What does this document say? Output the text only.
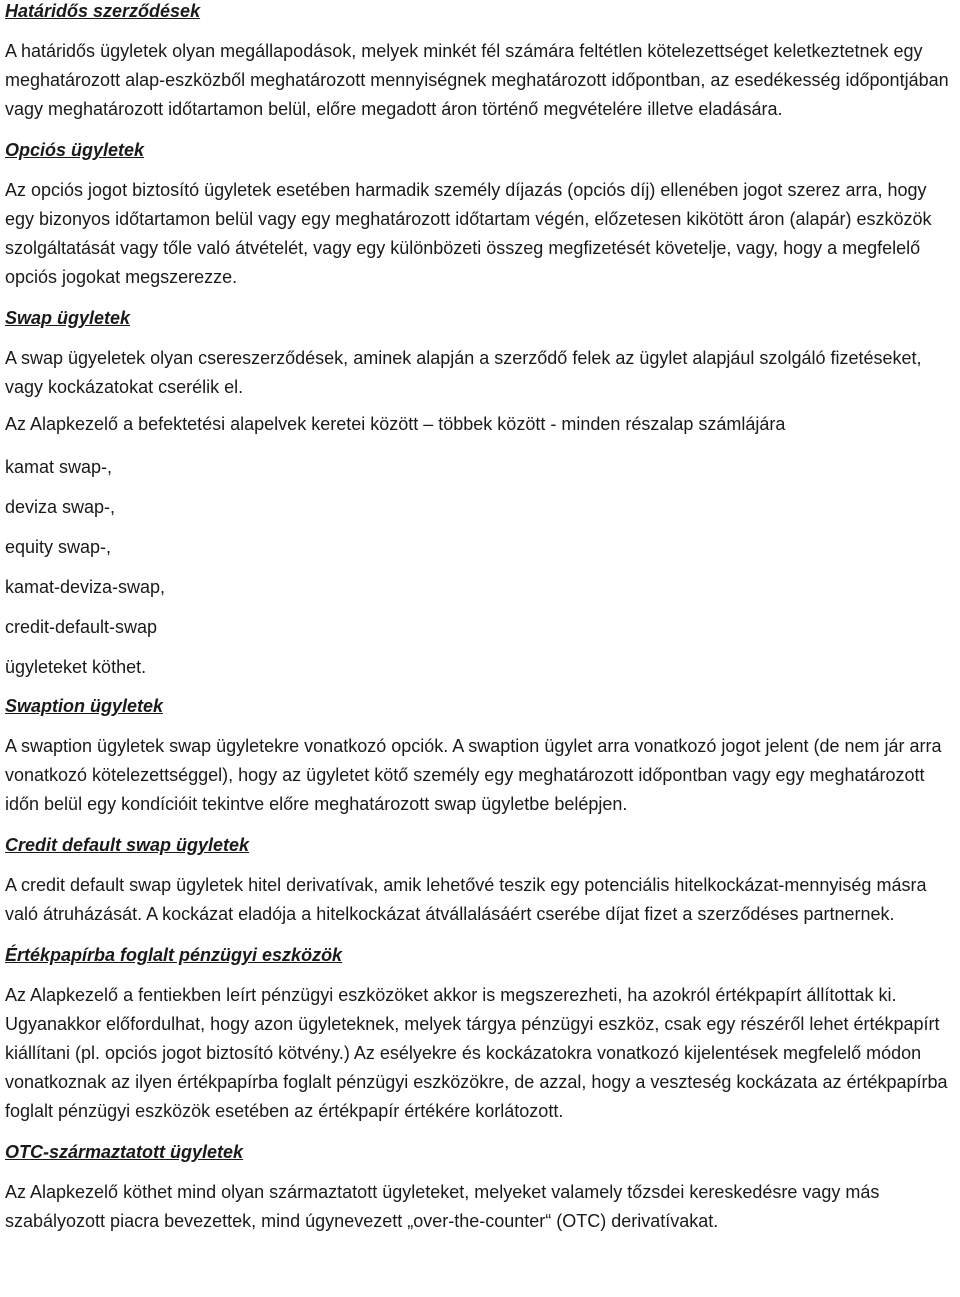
Határidős szerződések

A határidős ügyletek olyan megállapodások, melyek minkét fél számára feltétlen kötelezettséget keletkeztetnek egy meghatározott alap-eszközből meghatározott mennyiségnek meghatározott időpontban, az esedékesség időpontjában vagy meghatározott időtartamon belül, előre megadott áron történő megvételére illetve eladására.

Opciós ügyletek

Az opciós jogot biztosító ügyletek esetében harmadik személy díjazás (opciós díj) ellenében jogot szerez arra, hogy egy bizonyos időtartamon belül vagy egy meghatározott időtartam végén, előzetesen kikötött áron (alapár) eszközök szolgáltatását vagy tőle való átvételét, vagy egy különbözeti összeg megfizetését követelje, vagy, hogy a megfelelő opciós jogokat megszerezze.

Swap ügyletek

A swap ügyeletek olyan csereszerződések, aminek alapján a szerződő felek az ügylet alapjául szolgáló fizetéseket, vagy kockázatokat cserélik el.

Az Alapkezelő a befektetési alapelvek keretei között – többek között - minden részalap számlájára

kamat swap-,

deviza swap-,

equity swap-,

kamat-deviza-swap,

credit-default-swap

ügyleteket köthet.

Swaption ügyletek

A swaption ügyletek swap ügyletekre vonatkozó opciók. A swaption ügylet arra vonatkozó jogot jelent (de nem jár arra vonatkozó kötelezettséggel), hogy az ügyletet kötő személy egy meghatározott időpontban vagy egy meghatározott időn belül egy kondícióit tekintve előre meghatározott swap ügyletbe belépjen.

Credit default swap ügyletek

A credit default swap ügyletek hitel derivatívak, amik lehetővé teszik egy potenciális hitelkockázat-mennyiség másra való átruházását. A kockázat eladója a hitelkockázat átvállalásáért cserébe díjat fizet a szerződéses partnernek.

Értékpapírba foglalt pénzügyi eszközök

Az Alapkezelő a fentiekben leírt pénzügyi eszközöket akkor is megszerezheti, ha azokról értékpapírt állítottak ki. Ugyanakkor előfordulhat, hogy azon ügyleteknek, melyek tárgya pénzügyi eszköz, csak egy részéről lehet értékpapírt kiállítani (pl. opciós jogot biztosító kötvény.) Az esélyekre és kockázatokra vonatkozó kijelentések megfelelő módon vonatkoznak az ilyen értékpapírba foglalt pénzügyi eszközökre, de azzal, hogy a veszteség kockázata az értékpapírba foglalt pénzügyi eszközök esetében az értékpapír értékére korlátozott.

OTC-származtatott ügyletek

Az Alapkezelő köthet mind olyan származtatott ügyleteket, melyeket valamely tőzsdei kereskedésre vagy más szabályozott piacra bevezettek, mind úgynevezett „over-the-counter“ (OTC) derivatívakat.
